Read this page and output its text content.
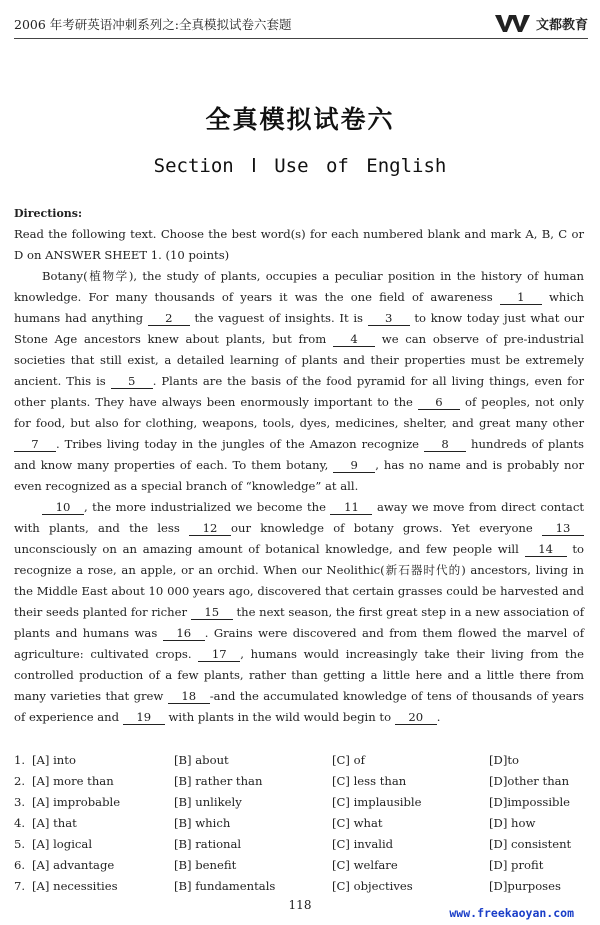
2006 年考研英语冲刺系列之:全真模拟试卷六套题	文都教育
全真模拟试卷六
Section Ⅰ Use of English

Directions:

Read the following text. Choose the best word(s) for each numbered blank and mark A, B, C or D on ANSWER SHEET 1. (10 points)

Botany(植物学), the study of plants, occupies a peculiar position in the history of human knowledge. For many thousands of years it was the one field of awareness 1 which humans had anything 2 the vaguest of insights. It is 3 to know today just what our Stone Age ancestors knew about plants, but from 4 we can observe of pre-industrial societies that still exist, a detailed learning of plants and their properties must be extremely ancient. This is 5 . Plants are the basis of the food pyramid for all living things, even for other plants. They have always been enormously important to the 6 of peoples, not only for food, but also for clothing, weapons, tools, dyes, medicines, shelter, and great many other 7 . Tribes living today in the jungles of the Amazon recognize 8 hundreds of plants and know many properties of each. To them botany, 9 , has no name and is probably nor even recognized as a special branch of “knowledge” at all.

10 , the more industrialized we become the 11 away we move from direct contact with plants, and the less 12 our knowledge of botany grows. Yet everyone 13unconsciously on an amazing amount of botanical knowledge, and few people will 14 to recognize a rose, an apple, or an orchid. When our Neolithic(新石器时代的) ancestors, living in the Middle East about 10 000 years ago, discovered that certain grasses could be harvested and their seeds planted for richer 15 the next season, the first great step in a new association of plants and humans was 16 . Grains were discovered and from them flowed the marvel of agriculture: cultivated crops. 17 , humans would increasingly take their living from the controlled production of a few plants, rather than getting a little here and a little there from many varieties that grew 18 -and the accumulated knowledge of tens of thousands of years of experience and 19 with plants in the wild would begin to 20 .

1. [A] into	[B] about	[C] of	[D]to
2. [A] more than	[B] rather than	[C] less than	[D]other than
3. [A] improbable	[B] unlikely	[C] implausible	[D]impossible
4. [A] that	[B] which	[C] what	[D] how
5. [A] logical	[B] rational	[C] invalid	[D] consistent
6. [A] advantage	[B] benefit	[C] welfare	[D] profit
7. [A] necessities	[B] fundamentals	[C] objectives	[D]purposes
118
www.freekaoyan.com
